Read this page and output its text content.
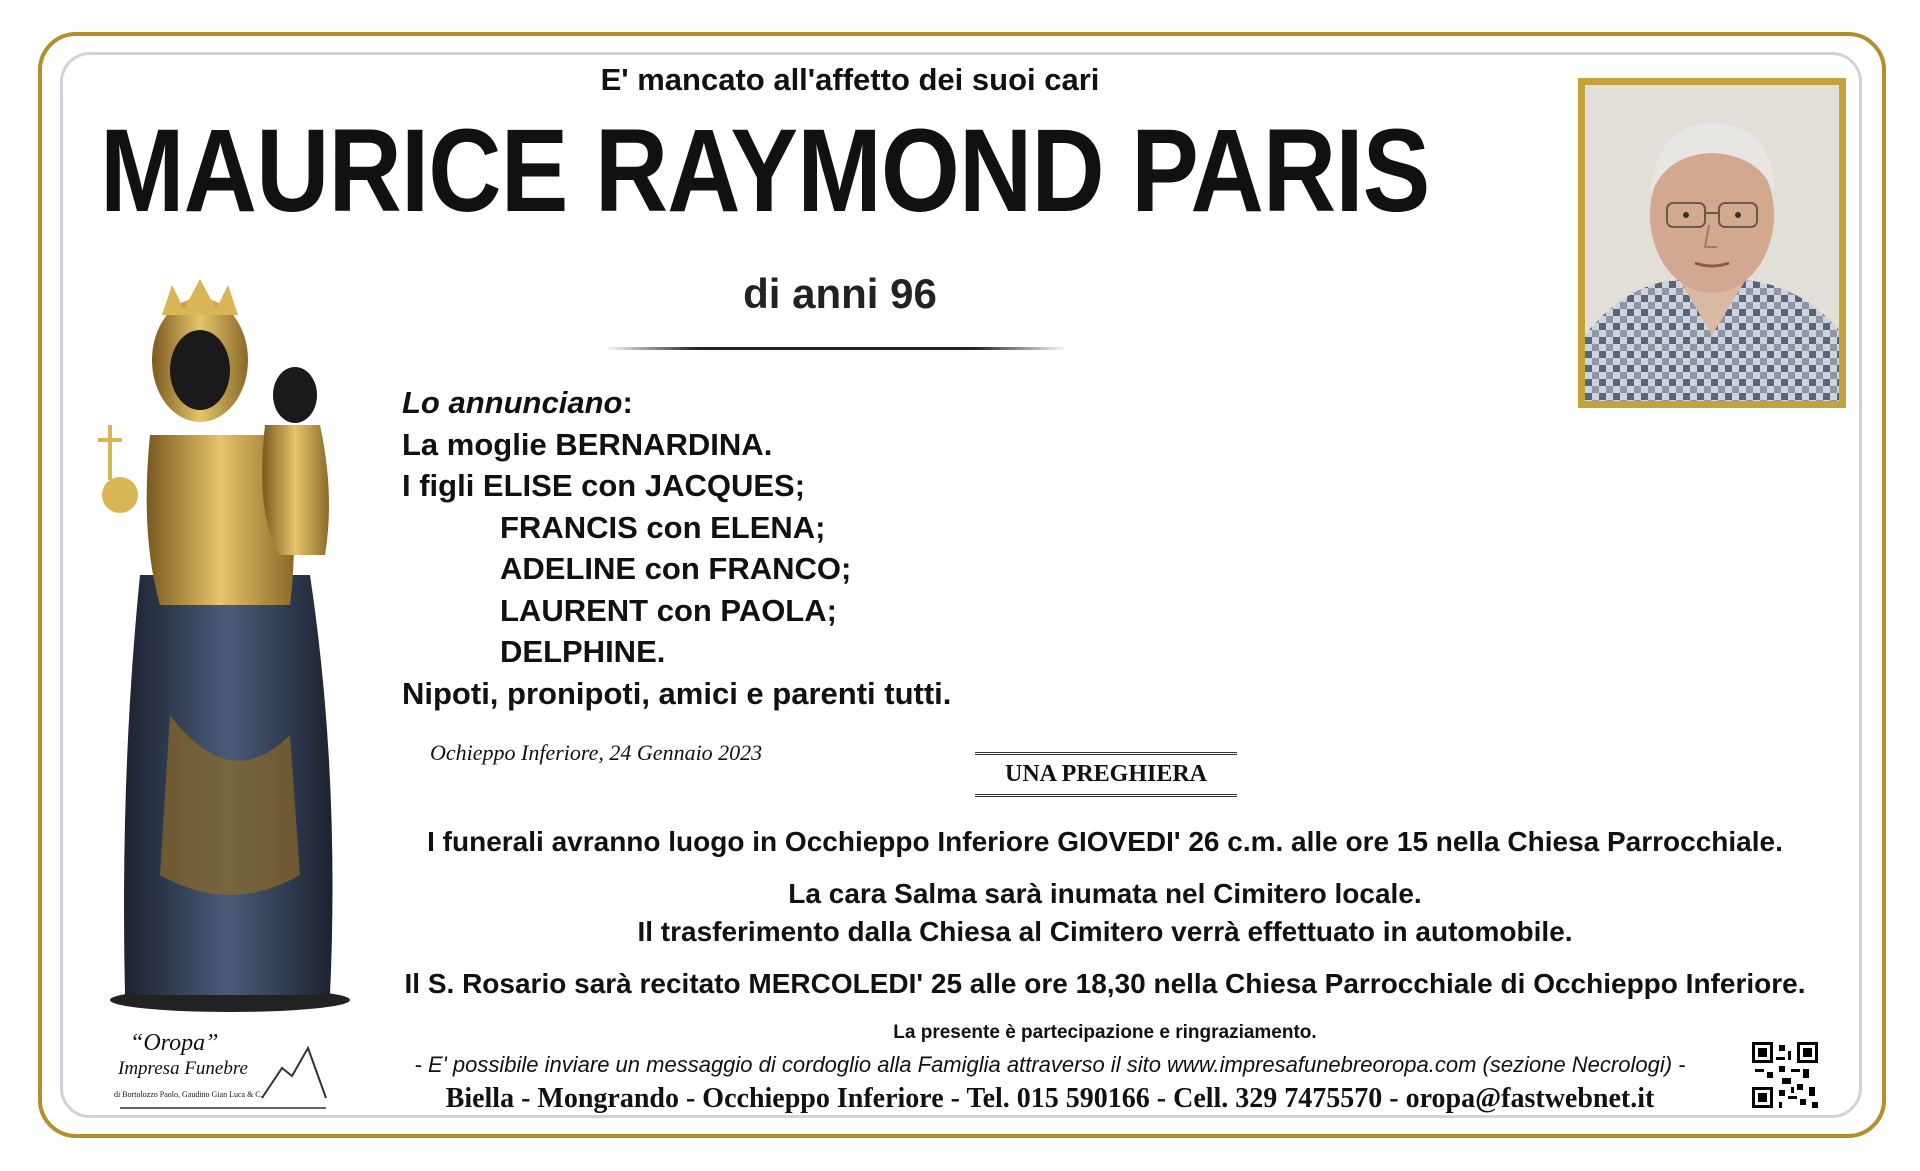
E' mancato all'affetto dei suoi cari
MAURICE RAYMOND PARIS
di anni 96
Lo annunciano:
La moglie BERNARDINA.
I figli ELISE con JACQUES;
FRANCIS con ELENA;
ADELINE con FRANCO;
LAURENT con PAOLA;
DELPHINE.
Nipoti, pronipoti, amici e parenti tutti.
Ochieppo Inferiore, 24 Gennaio 2023
UNA PREGHIERA
I funerali avranno luogo in Occhieppo Inferiore GIOVEDI' 26 c.m. alle ore 15 nella Chiesa Parrocchiale.
La cara Salma sarà inumata nel Cimitero locale.
Il trasferimento dalla Chiesa al Cimitero verrà effettuato in automobile.
Il S. Rosario sarà recitato MERCOLEDI' 25 alle ore 18,30 nella Chiesa Parrocchiale di Occhieppo Inferiore.
La presente è partecipazione e ringraziamento.
- E' possibile inviare un messaggio di cordoglio alla Famiglia attraverso il sito www.impresafunebreoropa.com (sezione Necrologi) -
Biella - Mongrando - Occhieppo Inferiore - Tel. 015 590166 - Cell. 329 7475570 - oropa@fastwebnet.it
“Oropa”
Impresa Funebre
di Bortolozzo Paolo, Gaudino Gian Luca & C.
